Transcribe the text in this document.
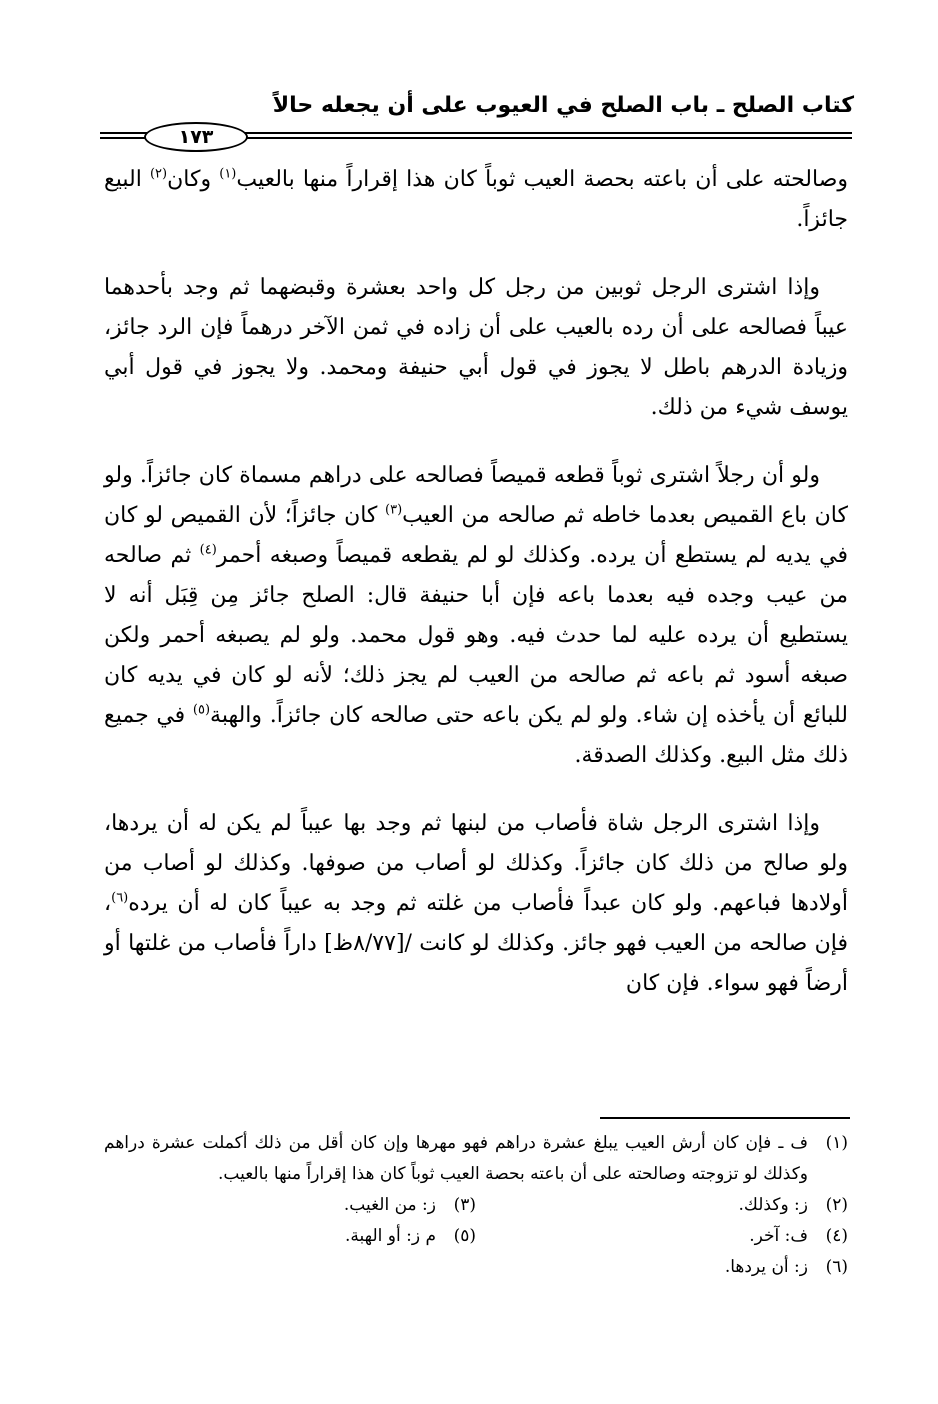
كتاب الصلح ـ باب الصلح في العيوب على أن يجعله حالاً
١٧٣

وصالحته على أن باعته بحصة العيب ثوباً كان هذا إقراراً منها بالعيب$^{(١)}$ وكان$^{(٢)}$ البيع جائزاً.

وإذا اشترى الرجل ثوبين من رجل كل واحد بعشرة وقبضهما ثم وجد بأحدهما عيباً فصالحه على أن رده بالعيب على أن زاده في ثمن الآخر درهماً فإن الرد جائز، وزيادة الدرهم باطل لا يجوز في قول أبي حنيفة ومحمد. ولا يجوز في قول أبي يوسف شيء من ذلك.

ولو أن رجلاً اشترى ثوباً قطعه قميصاً فصالحه على دراهم مسماة كان جائزاً. ولو كان باع القميص بعدما خاطه ثم صالحه من العيب$^{(٣)}$ كان جائزاً؛ لأن القميص لو كان في يديه لم يستطع أن يرده. وكذلك لو لم يقطعه قميصاً وصبغه أحمر$^{(٤)}$ ثم صالحه من عيب وجده فيه بعدما باعه فإن أبا حنيفة قال: الصلح جائز مِن قِبَل أنه لا يستطيع أن يرده عليه لما حدث فيه. وهو قول محمد. ولو لم يصبغه أحمر ولكن صبغه أسود ثم باعه ثم صالحه من العيب لم يجز ذلك؛ لأنه لو كان في يديه كان للبائع أن يأخذه إن شاء. ولو لم يكن باعه حتى صالحه كان جائزاً. والهبة$^{(٥)}$ في جميع ذلك مثل البيع. وكذلك الصدقة.

وإذا اشترى الرجل شاة فأصاب من لبنها ثم وجد بها عيباً لم يكن له أن يردها، ولو صالح من ذلك كان جائزاً. وكذلك لو أصاب من صوفها. وكذلك لو أصاب من أولادها فباعهم. ولو كان عبداً فأصاب من غلته ثم وجد به عيباً كان له أن يرده$^{(٦)}$، فإن صالحه من العيب فهو جائز. وكذلك لو كانت /[٨/٧٧ظ] داراً فأصاب من غلتها أو أرضاً فهو سواء. فإن كان

(١)
ف ـ فإن كان أرش العيب يبلغ عشرة دراهم فهو مهرها وإن كان أقل من ذلك أكملت عشرة دراهم وكذلك لو تزوجته وصالحته على أن باعته بحصة العيب ثوباً كان هذا إقراراً منها بالعيب.
(٢)
ز: وكذلك.
(٣)
ز: من الغيب.
(٤)
ف: آخر.
(٥)
م ز: أو الهبة.
(٦)
ز: أن يردها.
